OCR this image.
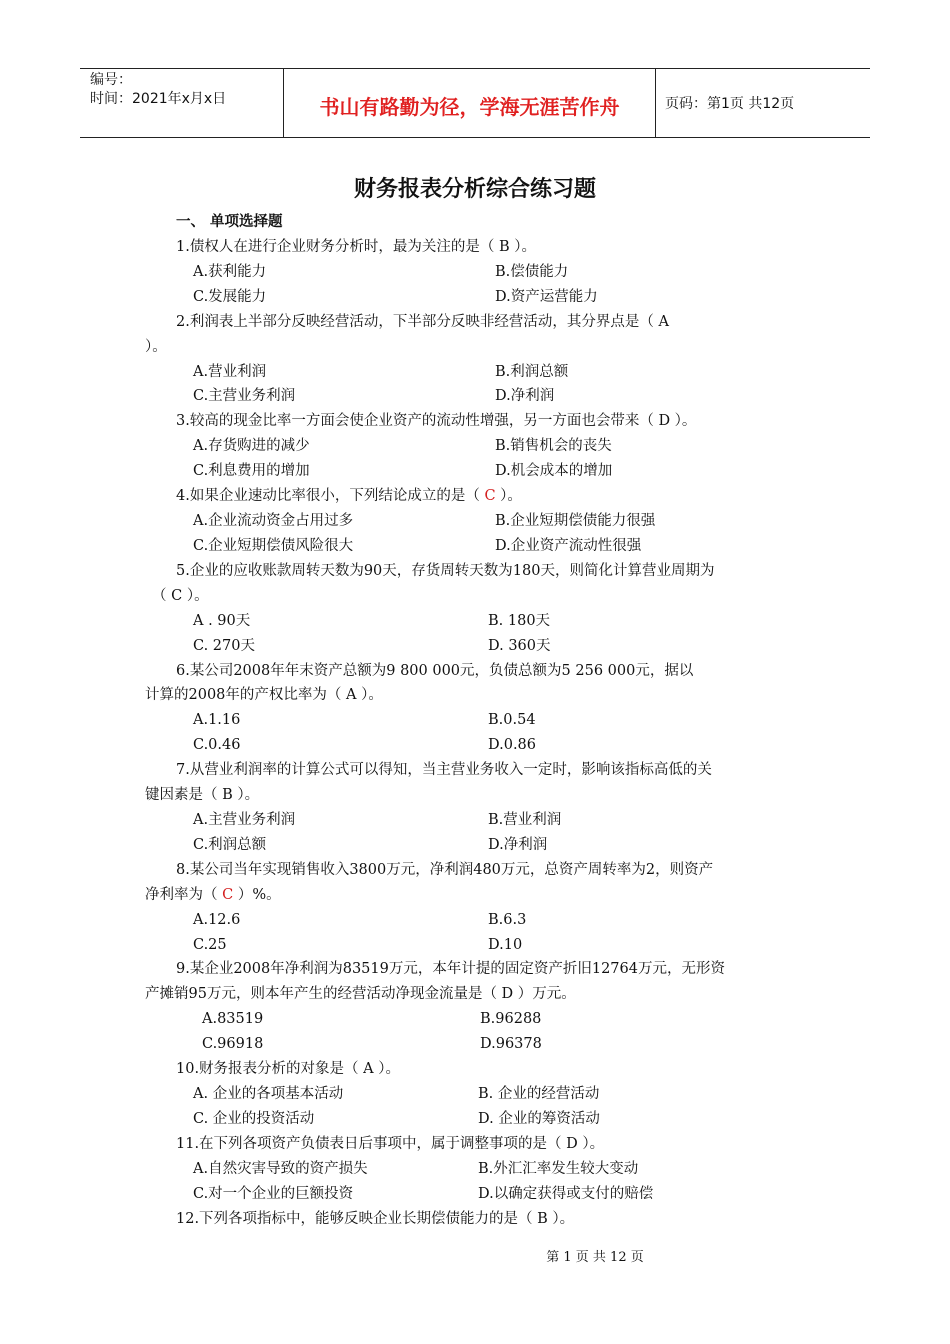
编号：
时间：2021年x月x日	书山有路勤为径，学海无涯苦作舟	页码：第1页 共12页
财务报表分析综合练习题
一、 单项选择题
1.债权人在进行企业财务分析时，最为关注的是（ B ）。
A.获利能力	B.偿债能力
C.发展能力	D.资产运营能力
2.利润表上半部分反映经营活动，下半部分反映非经营活动，其分界点是（ A
）。
A.营业利润	B.利润总额
C.主营业务利润	D.净利润
3.较高的现金比率一方面会使企业资产的流动性增强，另一方面也会带来（ D ）。
A.存货购进的减少	B.销售机会的丧失
C.利息费用的增加	D.机会成本的增加
4.如果企业速动比率很小，下列结论成立的是（ C ）。
A.企业流动资金占用过多	B.企业短期偿债能力很强
C.企业短期偿债风险很大	D.企业资产流动性很强
5.企业的应收账款周转天数为90天，存货周转天数为180天，则简化计算营业周期为
（ C ）。
A . 90天	B. 180天
C. 270天	D. 360天
6.某公司2008年年末资产总额为9 800 000元，负债总额为5 256 000元，据以
计算的2008年的产权比率为（ A ）。
A.1.16	B.0.54
C.0.46	D.0.86
7.从营业利润率的计算公式可以得知，当主营业务收入一定时，影响该指标高低的关
键因素是（ B ）。
A.主营业务利润	B.营业利润
C.利润总额	D.净利润
8.某公司当年实现销售收入3800万元，净利润480万元，总资产周转率为2，则资产
净利率为（ C ）%。
A.12.6	B.6.3
C.25	D.10
9.某企业2008年净利润为83519万元，本年计提的固定资产折旧12764万元，无形资
产摊销95万元，则本年产生的经营活动净现金流量是（ D ）万元。
A.83519	B.96288
C.96918	D.96378
10.财务报表分析的对象是（ A ）。
A. 企业的各项基本活动	B. 企业的经营活动
C. 企业的投资活动	D. 企业的筹资活动
11.在下列各项资产负债表日后事项中，属于调整事项的是（ D ）。
A.自然灾害导致的资产损失	B.外汇汇率发生较大变动
C.对一个企业的巨额投资	D.以确定获得或支付的赔偿
12.下列各项指标中，能够反映企业长期偿债能力的是（ B ）。
第 1 页 共 12 页
